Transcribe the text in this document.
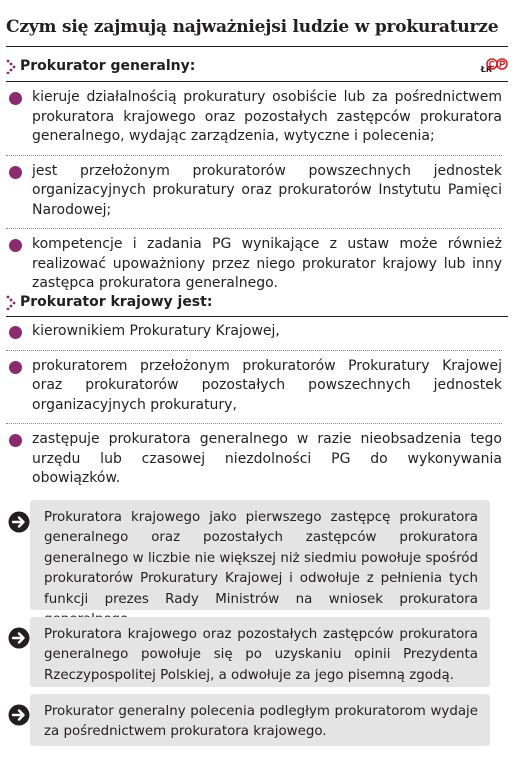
Czym się zajmują najważniejsi ludzie w prokuraturze
Prokurator generalny:	ŁR
kieruje działalnością prokuratury osobiście lub za pośrednictwem prokuratora krajowego oraz pozostałych zastępców prokuratora generalnego, wydając zarządzenia, wytyczne i polecenia;
jest przełożonym prokuratorów powszechnych jednostek organizacyjnych prokuratury oraz prokuratorów Instytutu Pamięci Narodowej;
kompetencje i zadania PG wynikające z ustaw może również realizować upoważniony przez niego prokurator krajowy lub inny zastępca prokuratora generalnego.
Prokurator krajowy jest:
kierownikiem Prokuratury Krajowej,
prokuratorem przełożonym prokuratorów Prokuratury Krajowej oraz prokuratorów pozostałych powszechnych jednostek organizacyjnych prokuratury,
zastępuje prokuratora generalnego w razie nieobsadzenia tego urzędu lub czasowej niezdolności PG do wykonywania obowiązków.
Prokuratora krajowego jako pierwszego zastępcę prokuratora generalnego oraz pozostałych zastępców prokuratora generalnego w liczbie nie większej niż siedmiu powołuje spośród prokuratorów Prokuratury Krajowej i odwołuje z pełnienia tych funkcji prezes Rady Ministrów na wniosek prokuratora
Prokuratora krajowego oraz pozostałych zastępców prokuratora generalnego powołuje się po uzyskaniu opinii Prezydenta Rzeczypospolitej Polskiej, a odwołuje za jego pisemną zgodą.
Prokurator generalny polecenia podległym prokuratorom wydaje za pośrednictwem prokuratora krajowego.
